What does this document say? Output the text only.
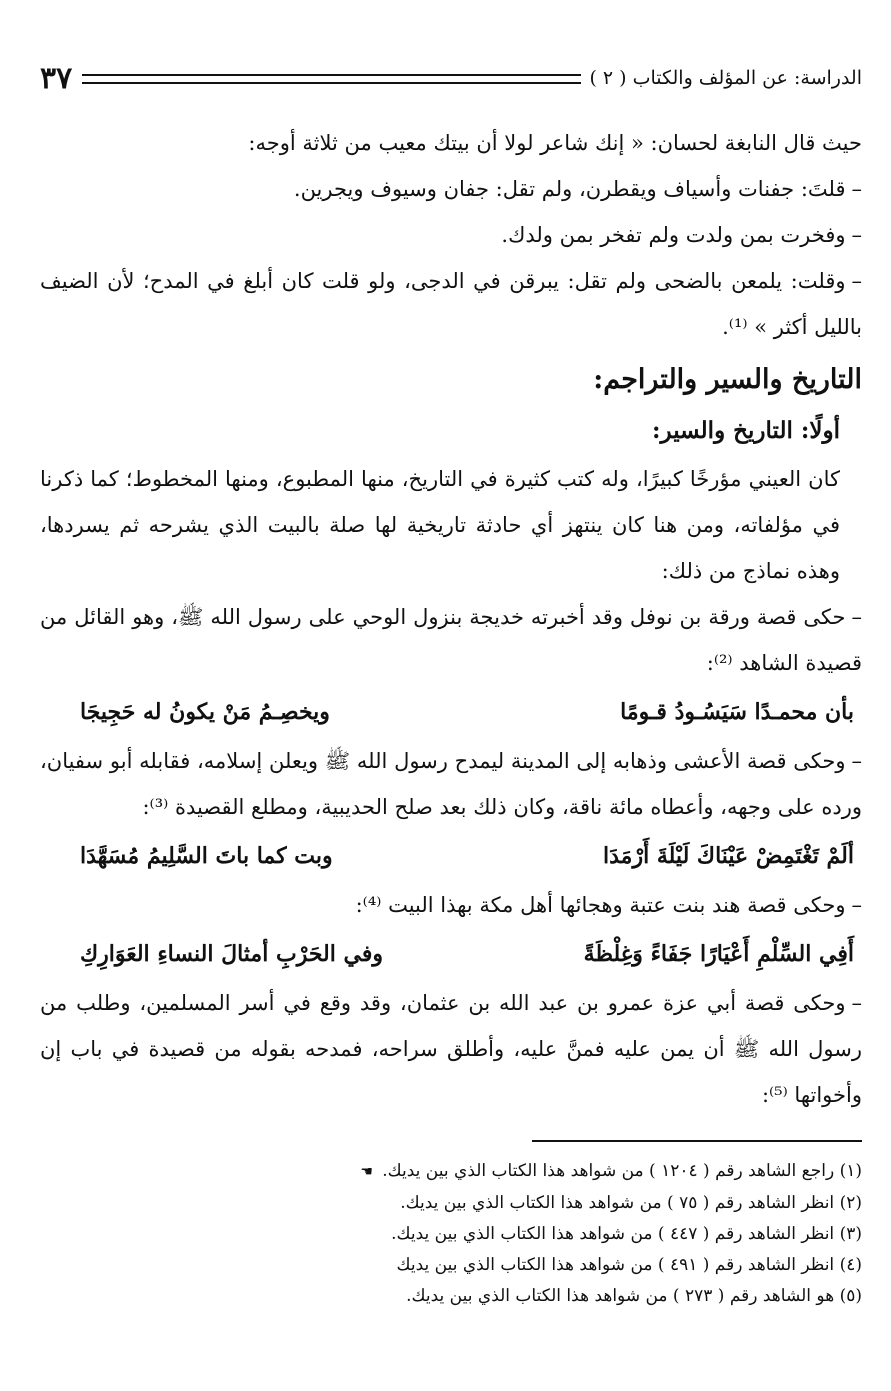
الدراسة: عن المؤلف والكتاب ( ٢ )
٣٧

حيث قال النابغة لحسان: « إنك شاعر لولا أن بيتك معيب من ثلاثة أوجه:

–قلتَ: جفنات وأسياف ويقطرن، ولم تقل: جفان وسيوف ويجرين.

–وفخرت بمن ولدت ولم تفخر بمن ولدك.

–وقلت: يلمعن بالضحى ولم تقل: يبرقن في الدجى، ولو قلت كان أبلغ في المدح؛ لأن الضيف بالليل أكثر » ⁽¹⁾.

التاريخ والسير والتراجم:
أولًا: التاريخ والسير:

كان العيني مؤرخًا كبيرًا، وله كتب كثيرة في التاريخ، منها المطبوع، ومنها المخطوط؛ كما ذكرنا في مؤلفاته، ومن هنا كان ينتهز أي حادثة تاريخية لها صلة بالبيت الذي يشرحه ثم يسردها، وهذه نماذج من ذلك:

–حكى قصة ورقة بن نوفل وقد أخبرته خديجة بنزول الوحي على رسول الله ﷺ، وهو القائل من قصيدة الشاهد ⁽²⁾:

بأن محمـدًا سَيَسُـودُ قـومًا
ويخصِـمُ مَنْ يكونُ له حَجِيجَا

–وحكى قصة الأعشى وذهابه إلى المدينة ليمدح رسول الله ﷺ ويعلن إسلامه، فقابله أبو سفيان، ورده على وجهه، وأعطاه مائة ناقة، وكان ذلك بعد صلح الحديبية، ومطلع القصيدة ⁽³⁾:

ألَمْ تَغْتَمِضْ عَيْنَاكَ لَيْلَةَ أَرْمَدَا
وبت كما باتَ السَّلِيمُ مُسَهَّدَا

–وحكى قصة هند بنت عتبة وهجائها أهل مكة بهذا البيت ⁽⁴⁾:

أَفِي السِّلْمِ أَعْيَارًا جَفَاءً وَغِلْظَةً
وفي الحَرْبِ أمثالَ النساءِ العَوَارِكِ

–وحكى قصة أبي عزة عمرو بن عبد الله بن عثمان، وقد وقع في أسر المسلمين، وطلب من رسول الله ﷺ أن يمن عليه فمنَّ عليه، وأطلق سراحه، فمدحه بقوله من قصيدة في باب إن وأخواتها ⁽⁵⁾:

(١) راجع الشاهد رقم ( ١٢٠٤ ) من شواهد هذا الكتاب الذي بين يديك. ☚

(٢) انظر الشاهد رقم ( ٧٥ ) من شواهد هذا الكتاب الذي بين يديك.

(٣) انظر الشاهد رقم ( ٤٤٧ ) من شواهد هذا الكتاب الذي بين يديك.

(٤) انظر الشاهد رقم ( ٤٩١ ) من شواهد هذا الكتاب الذي بين يديك

(٥) هو الشاهد رقم ( ٢٧٣ ) من شواهد هذا الكتاب الذي بين يديك.
